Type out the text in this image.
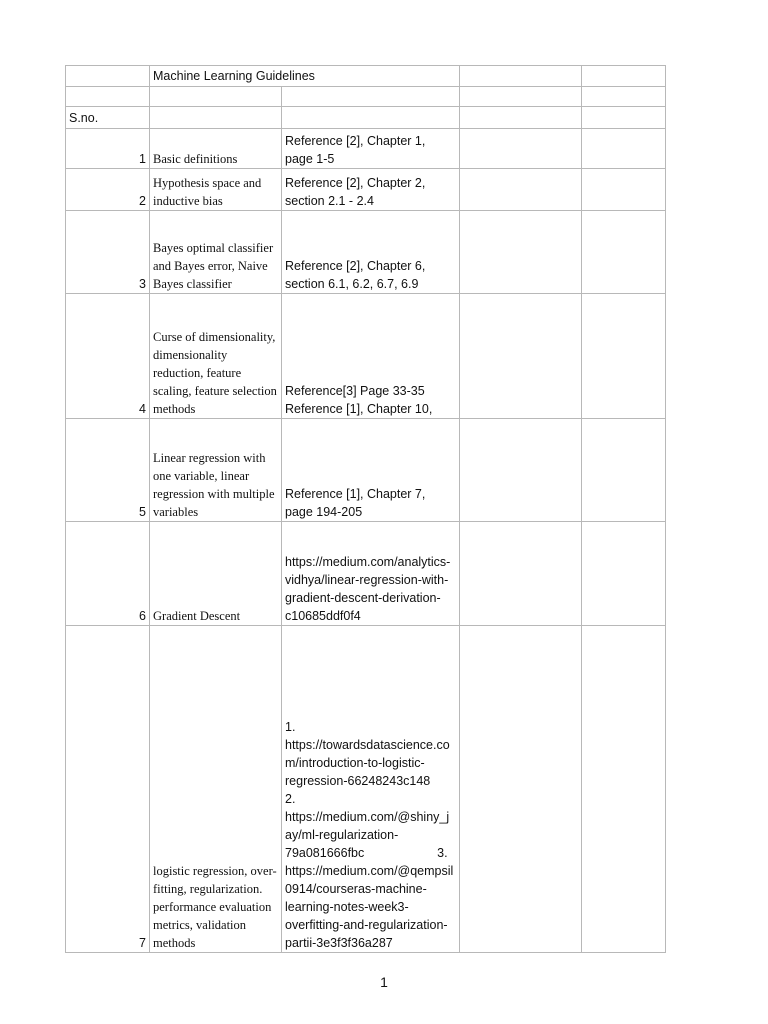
	Machine Learning Guidelines			

S.no.				
1	Basic definitions	Reference [2], Chapter 1, page 1-5		
2	Hypothesis space and inductive bias	Reference [2], Chapter 2, section 2.1 - 2.4		
3	Bayes optimal classifier and Bayes error, Naive Bayes classifier	Reference [2], Chapter 6, section 6.1, 6.2, 6.7, 6.9		
4	Curse of dimensionality, dimensionality reduction, feature scaling, feature selection methods	Reference[3] Page 33-35
Reference [1], Chapter 10,		
5	Linear regression with one variable, linear regression with multiple variables	Reference [1], Chapter 7, page 194-205		
6	Gradient Descent	https://medium.com/analytics-vidhya/linear-regression-with-gradient-descent-derivation-c10685ddf0f4		
7	logistic regression, over-fitting, regularization. performance evaluation metrics, validation methods	1. https://towardsdatascience.com/introduction-to-logistic-regression-66248243c148
2. https://medium.com/@shiny_jay/ml-regularization-79a081666fbc                     3. https://medium.com/@qempsil0914/courseras-machine-learning-notes-week3-overfitting-and-regularization-partii-3e3f3f36a287		
1
